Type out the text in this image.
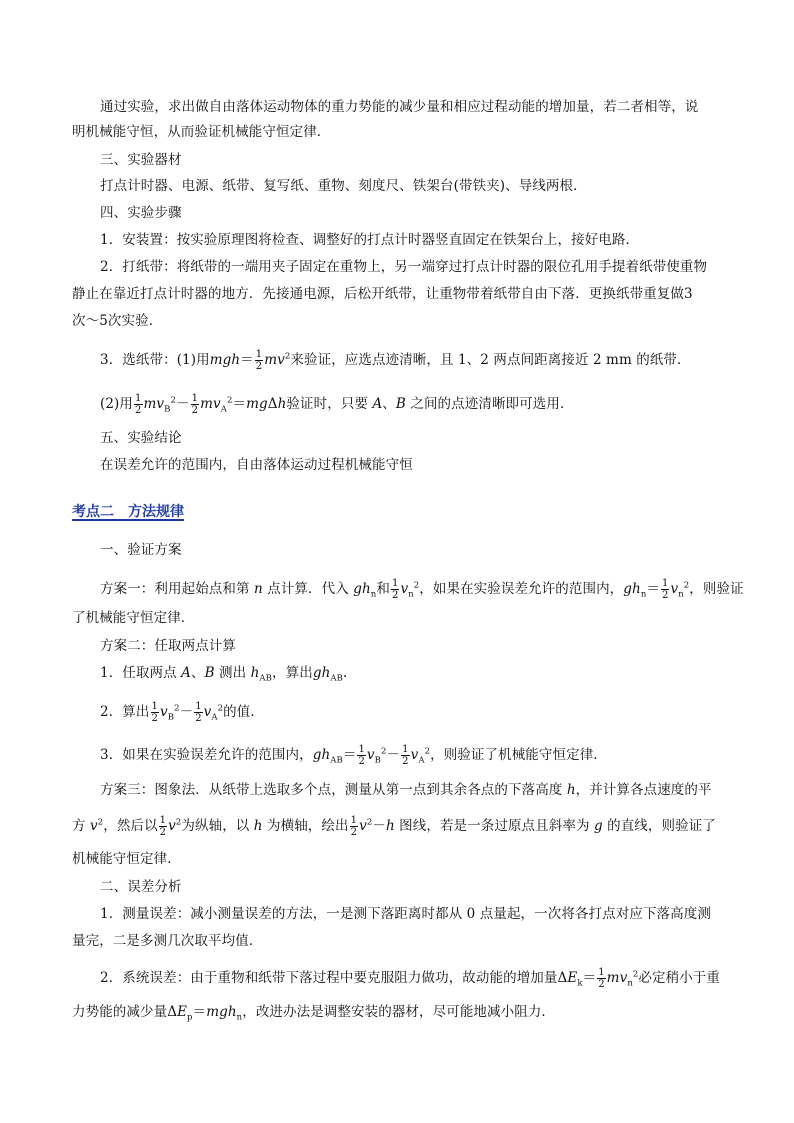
通过实验，求出做自由落体运动物体的重力势能的减少量和相应过程动能的增加量，若二者相等，说
明机械能守恒，从而验证机械能守恒定律．
三、实验器材
打点计时器、电源、纸带、复写纸、重物、刻度尺、铁架台(带铁夹)、导线两根．
四、实验步骤
1．安装置：按实验原理图将检查、调整好的打点计时器竖直固定在铁架台上，接好电路．
2．打纸带：将纸带的一端用夹子固定在重物上，另一端穿过打点计时器的限位孔用手提着纸带使重物
静止在靠近打点计时器的地方．先接通电源，后松开纸带，让重物带着纸带自由下落．更换纸带重复做3
次～5次实验．
3．选纸带：(1)用$mgh= \frac{1}{2} mv^2$来验证，应选点迹清晰，且 1、2 两点间距离接近 2 mm 的纸带．
(2)用 $\frac{1}{2} mv_B^2- \frac{1}{2} mv_A^2=mg\Delta h$验证时，只要 A、B 之间的点迹清晰即可选用．
五、实验结论
在误差允许的范围内，自由落体运动过程机械能守恒
考点二　方法规律
一、验证方案
方案一：利用起始点和第 n 点计算．代入 $gh_n$和 $\frac{1}{2} v_n^2$，如果在实验误差允许的范围内，$gh_n= \frac{1}{2} v_n^2$，则验证
了机械能守恒定律．
方案二：任取两点计算
1．任取两点 A、B 测出 $h_{AB}$，算出$gh_{AB}$.
2．算出 $\frac{1}{2} v_B^2- \frac{1}{2} v_A^2$的值．
3．如果在实验误差允许的范围内，$gh_{AB}= \frac{1}{2} v_B^2- \frac{1}{2} v_A^2$，则验证了机械能守恒定律．
方案三：图象法．从纸带上选取多个点，测量从第一点到其余各点的下落高度 h，并计算各点速度的平
方 $v^2$，然后以 $\frac{1}{2} v^2$为纵轴，以 h 为横轴，绘出 $\frac{1}{2} v^2-h$ 图线，若是一条过原点且斜率为 g 的直线，则验证了
机械能守恒定律．
二、误差分析
1．测量误差：减小测量误差的方法，一是测下落距离时都从 0 点量起，一次将各打点对应下落高度测
量完，二是多测几次取平均值．
2．系统误差：由于重物和纸带下落过程中要克服阻力做功，故动能的增加量$\Delta E_k= \frac{1}{2} mv_n^2$必定稍小于重
力势能的减少量$\Delta E_p=mgh_n$，改进办法是调整安装的器材，尽可能地减小阻力．
